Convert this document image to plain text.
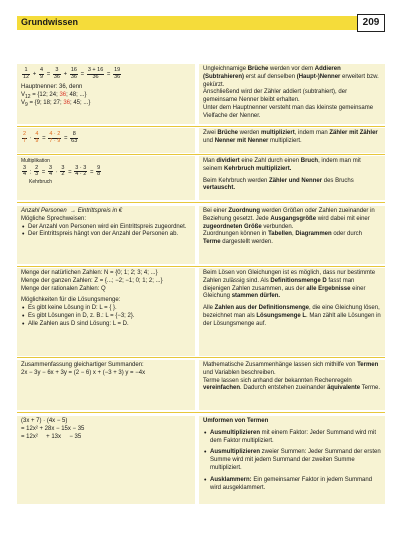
Grundwissen	209
$\frac{1}{12} + \frac{4}{9} = \frac{3}{36} + \frac{16}{36} = \frac{3 + 16}{36} = \frac{19}{36}$
Hauptnenner: 36, denn
$V_{12} = \{12$; 24; 36; 48; ...}
$V_9 = \{9$; 18; 27; 36; 45; ...}
Ungleichnamige Brüche werden vor dem Addieren (Subtrahieren) erst auf denselben (Haupt-)Nenner erweitert bzw. gekürzt.
Anschließend wird der Zähler addiert (subtrahiert), der gemeinsame Nenner bleibt erhalten.
Unter dem Hauptnenner versteht man das kleinste gemeinsame Vielfache der Nenner.
$\frac{2}{7} \cdot \frac{4}{9} = \frac{4 \cdot 2}{7 \cdot 9} = \frac{8}{63}$	Zwei Brüche werden multipliziert, indem man Zähler mit Zähler und Nenner mit Nenner multipliziert.
Multiplikation
$\frac{3}{4}$ : $\frac{2}{3} = \frac{3}{4} \cdot \frac{3}{2} = \frac{3 \cdot 3}{4 \cdot 2} = \frac{9}{8}$
Kehrbruch
Man dividiert eine Zahl durch einen Bruch, indem man mit seinem Kehrbruch multipliziert.
Beim Kehrbruch werden Zähler und Nenner des Bruchs vertauscht.
Anzahl Personen  → Eintrittspreis in €
Mögliche Sprechweisen:
• Der Anzahl von Personen wird ein Eintrittspreis zugeordnet.
• Der Eintrittspreis hängt von der Anzahl der Personen ab.
Bei einer Zuordnung werden Größen oder Zahlen zueinander in Beziehung gesetzt. Jede Ausgangsgröße wird dabei mit einer zugeordneten Größe verbunden.
Zuordnungen können in Tabellen, Diagrammen oder durch Terme dargestellt werden.
Menge der natürlichen Zahlen: N = {0; 1; 2; 3; 4; ...}
Menge der ganzen Zahlen: Z = {...; −2; −1; 0; 1; 2; ...}
Menge der rationalen Zahlen: Q
Möglichkeiten für die Lösungsmenge:
• Es gibt keine Lösung in D: L = { }.
• Es gibt Lösungen in D, z. B.: L = {−3; 2}.
• Alle Zahlen aus D sind Lösung: L = D.
Beim Lösen von Gleichungen ist es möglich, dass nur bestimmte Zahlen zulässig sind. Als Definitionsmenge D fasst man diejenigen Zahlen zusammen, aus der alle Ergebnisse einer Gleichung stammen dürfen.
Alle Zahlen aus der Definitionsmenge, die eine Gleichung lösen, bezeichnet man als Lösungsmenge L. Man zählt alle Lösungen in der Lösungsmenge auf.
Zusammenfassung gleichartiger Summanden:
2x − 3y − 6x + 3y = (2 − 6) x + (−3 + 3) y = −4x
Mathematische Zusammenhänge lassen sich mithilfe von Termen und Variablen beschreiben.
Terme lassen sich anhand der bekannten Rechenregeln vereinfachen. Dadurch entstehen zueinander äquivalente Terme.
(3x + 7) · (4x − 5)
= 12x² + 28x − 15x − 35
= 12x²     + 13x     − 35
Umformen von Termen
• Ausmultiplizieren mit einem Faktor: Jeder Summand wird mit dem Faktor multipliziert.
• Ausmultiplizieren zweier Summen: Jeder Summand der ersten Summe wird mit jedem Summand der zweiten Summe multipliziert.
• Ausklammern: Ein gemeinsamer Faktor in jedem Summand wird ausgeklammert.
